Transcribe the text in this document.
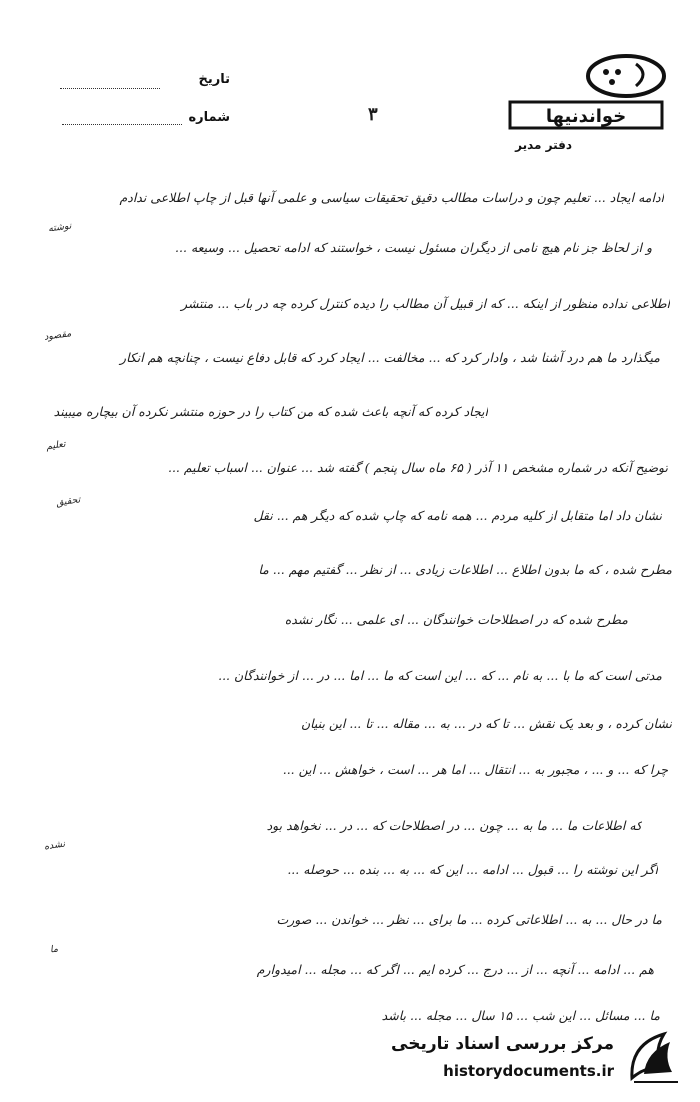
تاریخ
شماره	۳	خواندنیها
دفتر مدیر
ادامه ایجاد ... تعلیم چون و دراسات مطالب دقیق تحقیقات سیاسی و علمی آنها قبل از چاپ اطلاعی ندادم
و از لحاظ جز نام هیچ نامی از دیگران مسئول نیست ، خواستند که ادامه تحصیل ... وسیعه ...
اطلاعی نداده منظور از اینکه ... که از قبیل آن مطالب را دیده کنترل کرده چه در باب ... منتشر
میگذارد ما هم درد آشنا شد ، وادار کرد که ... مخالفت ... ایجاد کرد که قابل دفاع نیست ، چنانچه هم انکار
ایجاد کرده که آنچه باعث شده که من کتاب را در حوزه منتشر نکرده آن بیچاره میبیند
توضیح آنکه در شماره مشخص ۱۱ آذر ( ۶۵ ماه سال پنجم ) گفته شد ... عنوان ... اسباب تعلیم ...
نشان داد اما متقابل از کلیه مردم ... همه نامه که چاپ شده که دیگر هم ... نقل
مطرح شده ، که ما بدون اطلاع ... اطلاعات زیادی ... از نظر ... گفتیم مهم ... ما
مطرح شده که در اصطلاحات خوانندگان ... ای علمی ... نگار نشده
مدتی است که ما با ... به نام ... که ... این است که ما ... اما ... در ... از خوانندگان ...
نشان کرده ، و بعد یک نقش ... تا که در ... به ... مقاله ... تا ... این بنیان
چرا که ... و ... ، مجبور به ... انتقال ... اما هر ... است ، خواهش ... این ...
که اطلاعات ما ... ما به ... چون ... در اصطلاحات که ... در ... نخواهد بود
اگر این نوشته را ... قبول ... ادامه ... این که ... به ... بنده ... حوصله ...
ما در حال ... به ... اطلاعاتی کرده ... ما برای ... نظر ... خواندن ... صورت
هم ... ادامه ... آنچه ... از ... درج ... کرده ایم ... اگر که ... مجله ... امیدوارم
ما ... مسائل ... این شب ... ۱۵ سال ... مجله ... باشد
نوشته
مقصود
تعلیم
تحقیق
نشده
ما
مرکز بررسی اسناد تاریخی
historydocuments.ir
